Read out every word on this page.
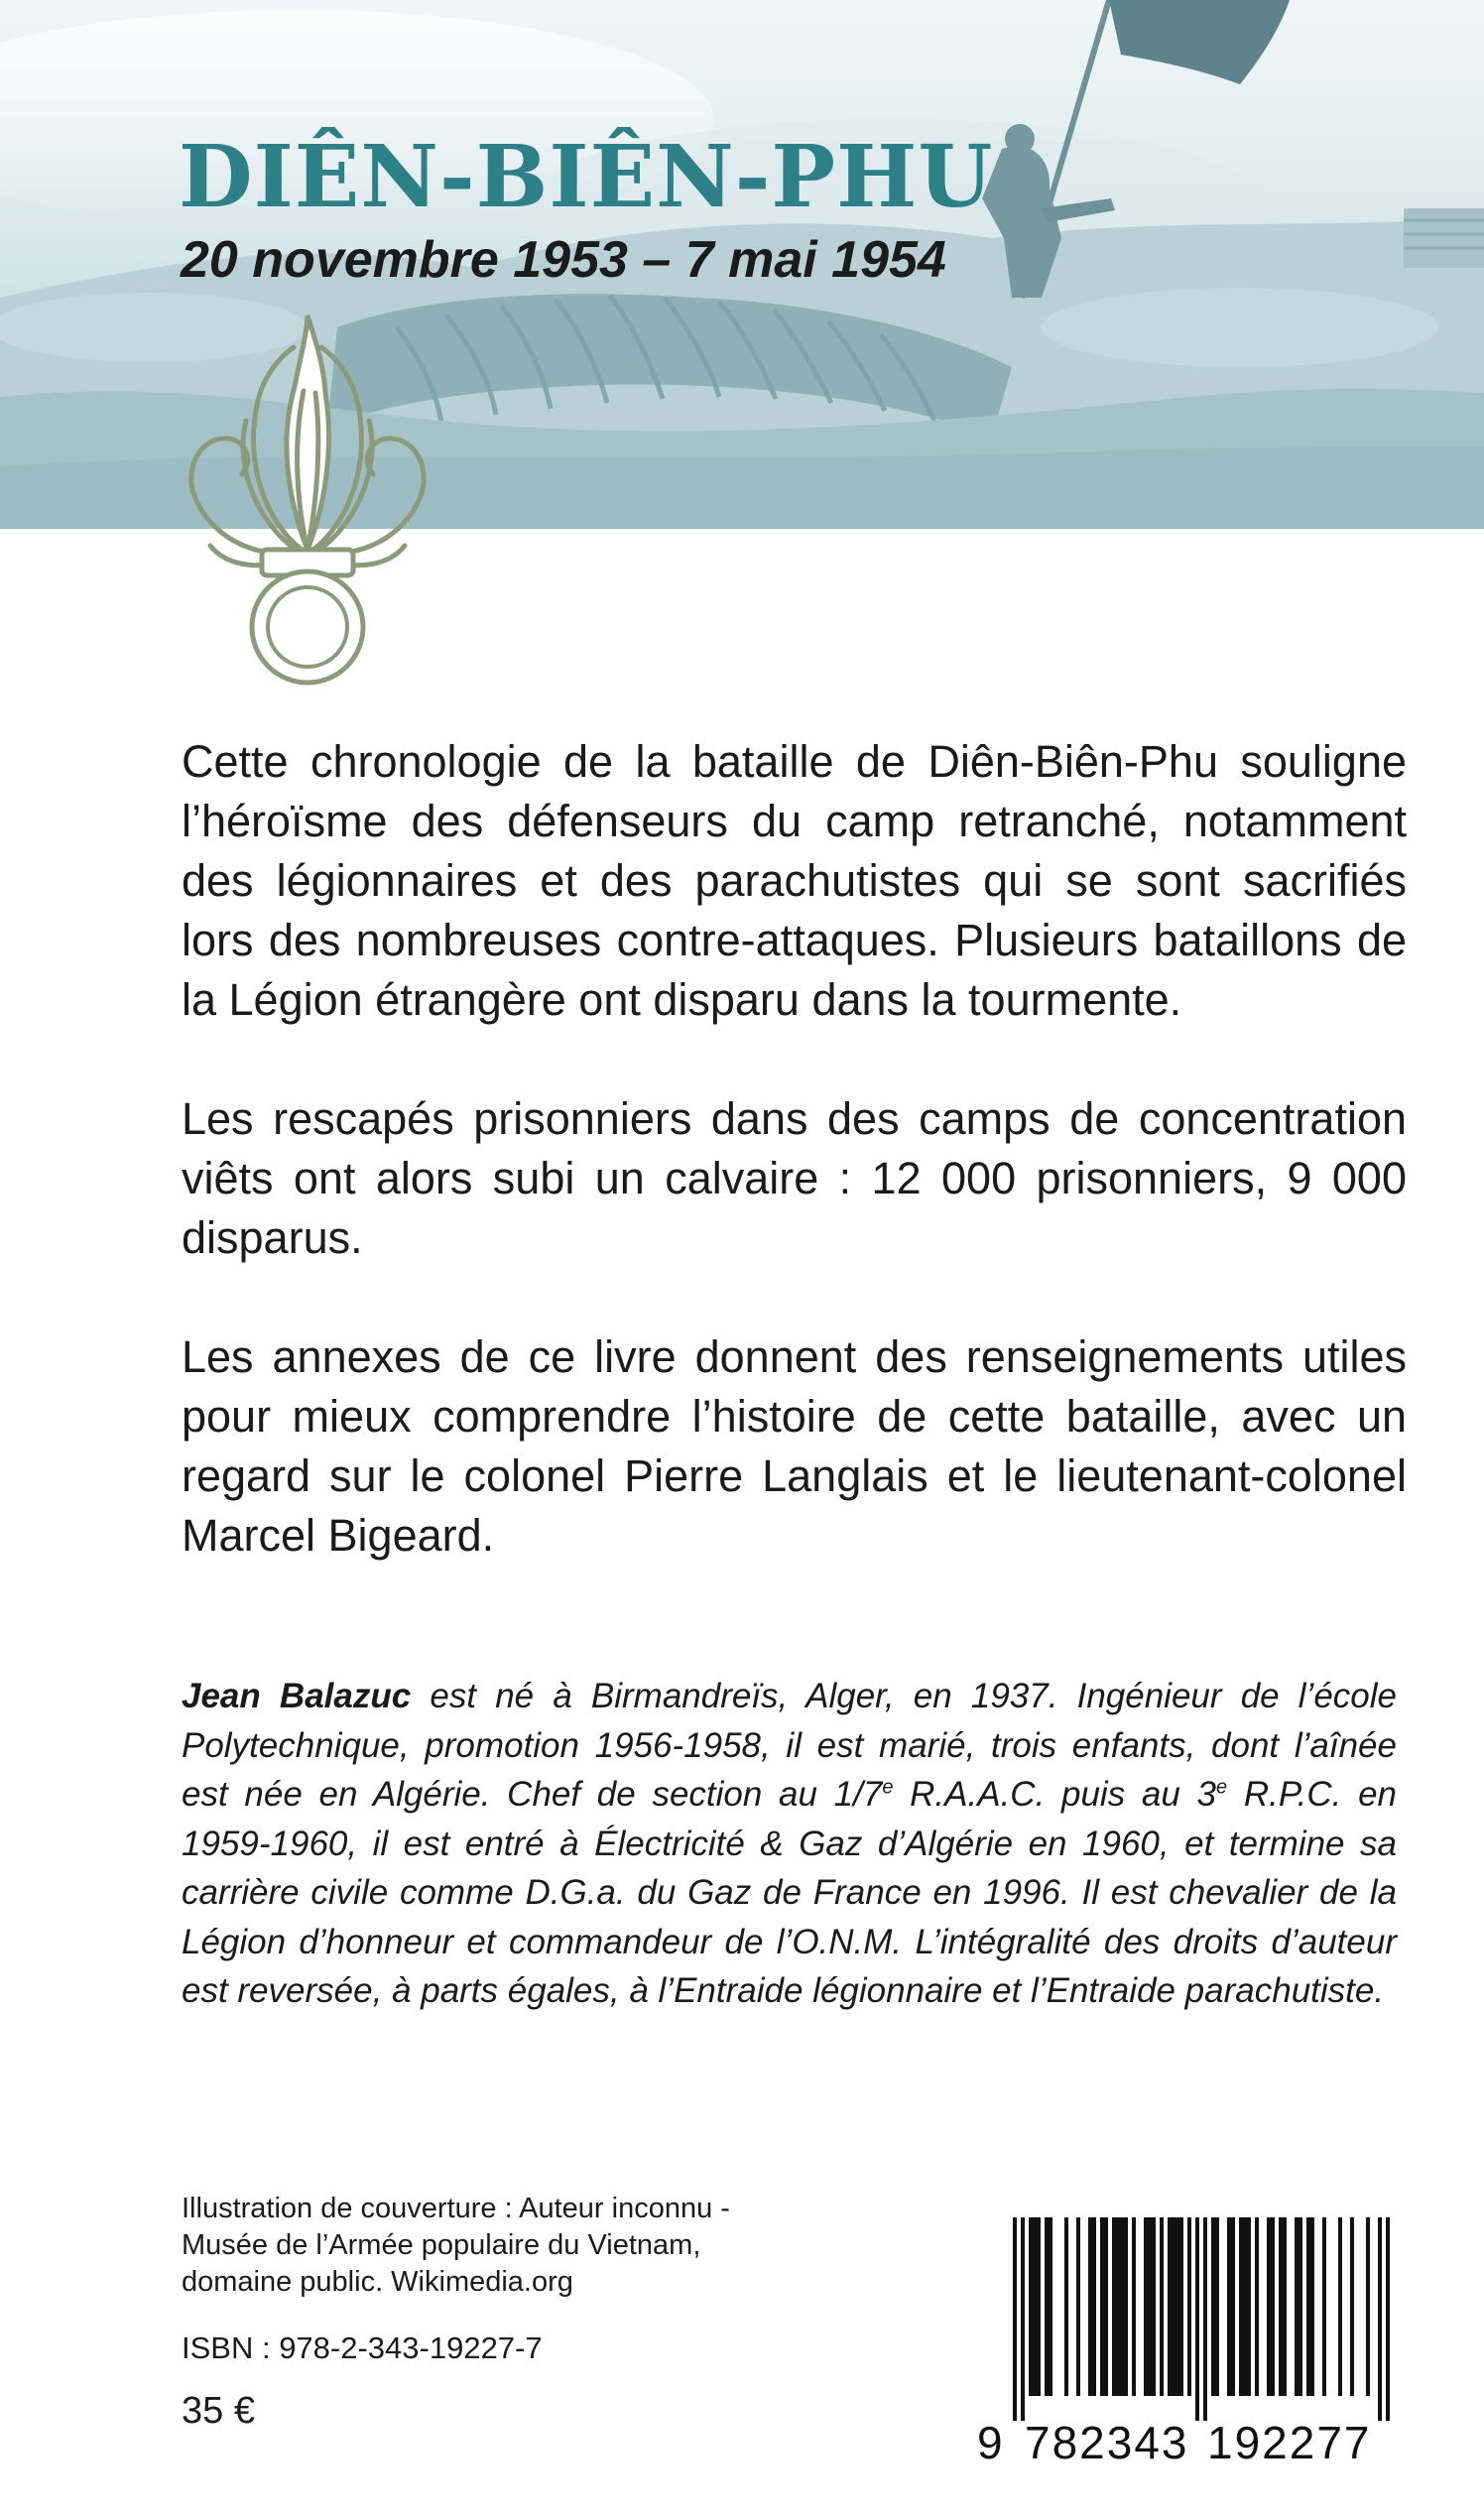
DIÊN-BIÊN-PHU

20 novembre 1953 – 7 mai 1954

Cette chronologie de la bataille de Diên-Biên-Phu souligne l’héroïsme des défenseurs du camp retranché, notamment des légionnaires et des parachutistes qui se sont sacrifiés lors des nombreuses contre-attaques. Plusieurs bataillons de la Légion étrangère ont disparu dans la tourmente.

Les rescapés prisonniers dans des camps de concentration viêts ont alors subi un calvaire : 12 000 prisonniers, 9 000 disparus.

Les annexes de ce livre donnent des renseignements utiles pour mieux comprendre l’histoire de cette bataille, avec un regard sur le colonel Pierre Langlais et le lieutenant-colonel Marcel Bigeard.

Jean Balazuc est né à Birmandreïs, Alger, en 1937. Ingénieur de l’école Polytechnique, promotion 1956-1958, il est marié, trois enfants, dont l’aînée est née en Algérie. Chef de section au 1/7e R.A.A.C. puis au 3e R.P.C. en 1959-1960, il est entré à Électricité & Gaz d’Algérie en 1960, et termine sa carrière civile comme D.G.a. du Gaz de France en 1996. Il est chevalier de la Légion d’honneur et commandeur de l’O.N.M. L’intégralité des droits d’auteur est reversée, à parts égales, à l’Entraide légionnaire et l’Entraide parachutiste.

Illustration de couverture : Auteur inconnu -
Musée de l’Armée populaire du Vietnam,
domaine public. Wikimedia.org

ISBN : 978-2-343-19227-7

35 €

9 782343 192277
